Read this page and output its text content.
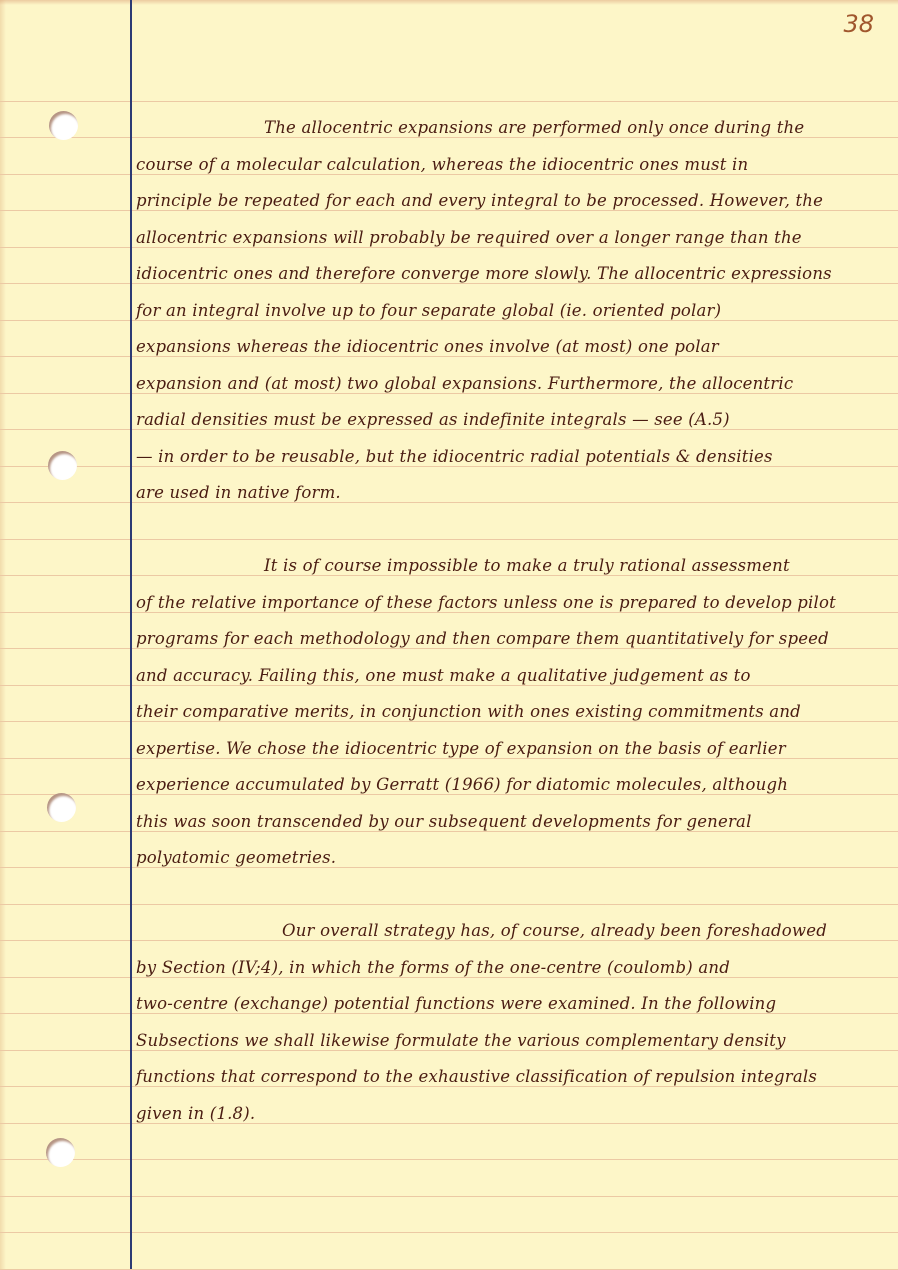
38
The allocentric expansions are performed only once during the
course of a molecular calculation, whereas the idiocentric ones must in
principle be repeated for each and every integral to be processed. However, the
allocentric expansions will probably be required over a longer range than the
idiocentric ones and therefore converge more slowly. The allocentric expressions
for an integral involve up to four separate global (ie. oriented polar)
expansions whereas the idiocentric ones involve (at most) one polar
expansion and (at most) two global expansions. Furthermore, the allocentric
radial densities must be expressed as indefinite integrals — see (A.5)
— in order to be reusable, but the idiocentric radial potentials & densities
are used in native form.
It is of course impossible to make a truly rational assessment
of the relative importance of these factors unless one is prepared to develop pilot
programs for each methodology and then compare them quantitatively for speed
and accuracy. Failing this, one must make a qualitative judgement as to
their comparative merits, in conjunction with ones existing commitments and
expertise. We chose the idiocentric type of expansion on the basis of earlier
experience accumulated by Gerratt (1966) for diatomic molecules, although
this was soon transcended by our subsequent developments for general
polyatomic geometries.
Our overall strategy has, of course, already been foreshadowed
by Section (IV;4), in which the forms of the one-centre (coulomb) and
two-centre (exchange) potential functions were examined. In the following
Subsections we shall likewise formulate the various complementary density
functions that correspond to the exhaustive classification of repulsion integrals
given in (1.8).
